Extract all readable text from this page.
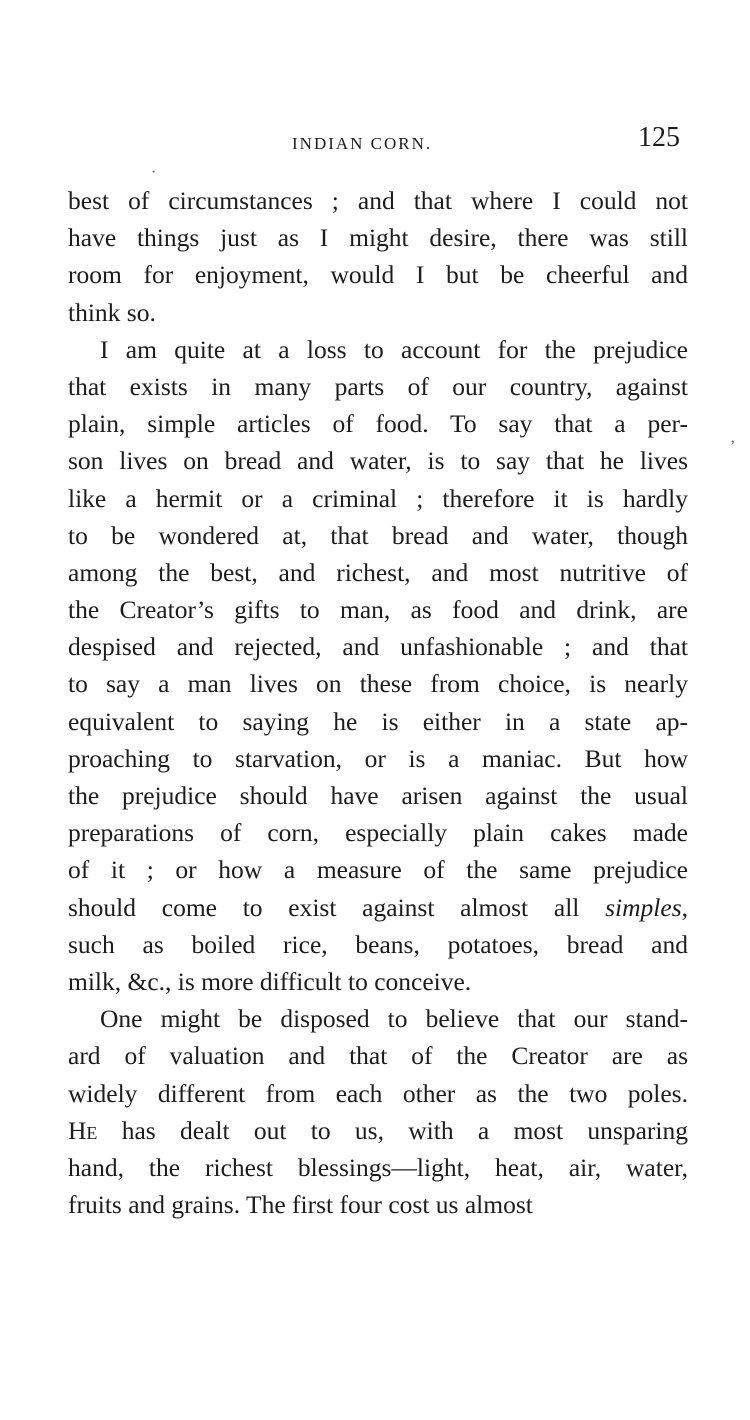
INDIAN CORN.	125
·
ʼ
best of circumstances ; and that where I could not
have things just as I might desire, there was still
room for enjoyment, would I but be cheerful and
think so.
I am quite at a loss to account for the prejudice
that exists in many parts of our country, against
plain, simple articles of food. To say that a per-
son lives on bread and water, is to say that he lives
like a hermit or a criminal ; therefore it is hardly
to be wondered at, that bread and water, though
among the best, and richest, and most nutritive of
the Creator’s gifts to man, as food and drink, are
despised and rejected, and unfashionable ; and that
to say a man lives on these from choice, is nearly
equivalent to saying he is either in a state ap-
proaching to starvation, or is a maniac. But how
the prejudice should have arisen against the usual
preparations of corn, especially plain cakes made
of it ; or how a measure of the same prejudice
should come to exist against almost all simples,
such as boiled rice, beans, potatoes, bread and
milk, &c., is more difficult to conceive.
One might be disposed to believe that our stand-
ard of valuation and that of the Creator are as
widely different from each other as the two poles.
He has dealt out to us, with a most unsparing
hand, the richest blessings—light, heat, air, water,
fruits and grains. The first four cost us almost
